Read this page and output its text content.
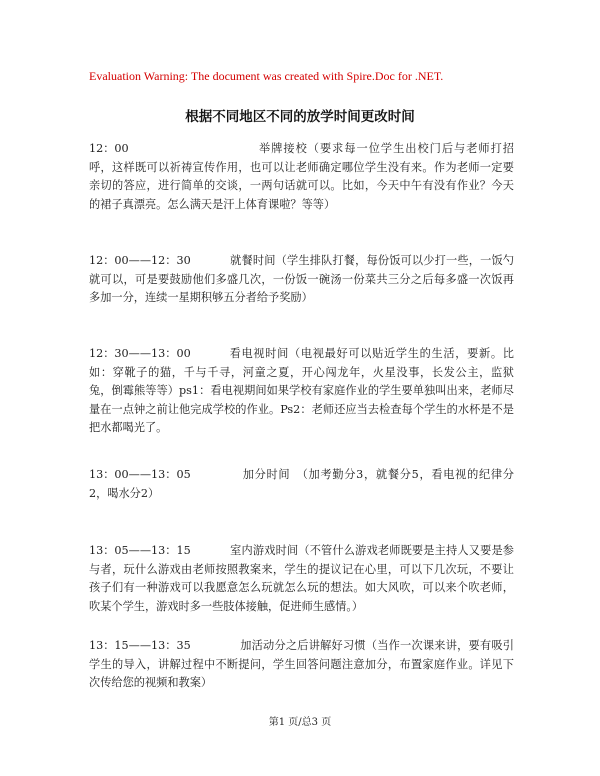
Evaluation Warning: The document was created with Spire.Doc for .NET.
根据不同地区不同的放学时间更改时间
12：00	举牌接校（要求每一位学生出校门后与老师打招呼，这样既可以祈祷宣传作用，也可以让老师确定哪位学生没有来。作为老师一定要亲切的答应，进行简单的交谈，一两句话就可以。比如，今天中午有没有作业？今天的裙子真漂亮。怎么满天是汗上体育课啦？等等）
12：00——12：30	就餐时间（学生排队打餐，每份饭可以少打一些，一饭勺就可以，可是要鼓励他们多盛几次，一份饭一碗汤一份菜共三分之后每多盛一次饭再多加一分，连续一星期积够五分者给予奖励）
12：30——13：00	看电视时间（电视最好可以贴近学生的生活，要新。比如：穿靴子的猫，千与千寻，河童之夏，开心闯龙年，火星没事，长发公主，监狱兔，倒霉熊等等）ps1：看电视期间如果学校有家庭作业的学生要单独叫出来，老师尽量在一点钟之前让他完成学校的作业。Ps2：老师还应当去检查每个学生的水杯是不是把水都喝光了。
13：00——13：05	加分时间　（加考勤分3，就餐分5，看电视的纪律分2，喝水分2）
13：05——13：15	室内游戏时间（不管什么游戏老师既要是主持人又要是参与者，玩什么游戏由老师按照教案来，学生的提议记在心里，可以下几次玩，不要让孩子们有一种游戏可以我愿意怎么玩就怎么玩的想法。如大风吹，可以来个吹老师，吹某个学生，游戏时多一些肢体接触，促进师生感情。）
13：15——13：35	加活动分之后讲解好习惯（当作一次课来讲，要有吸引学生的导入，讲解过程中不断提问，学生回答问题注意加分，布置家庭作业。详见下次传给您的视频和教案）
第1 页/总3 页
